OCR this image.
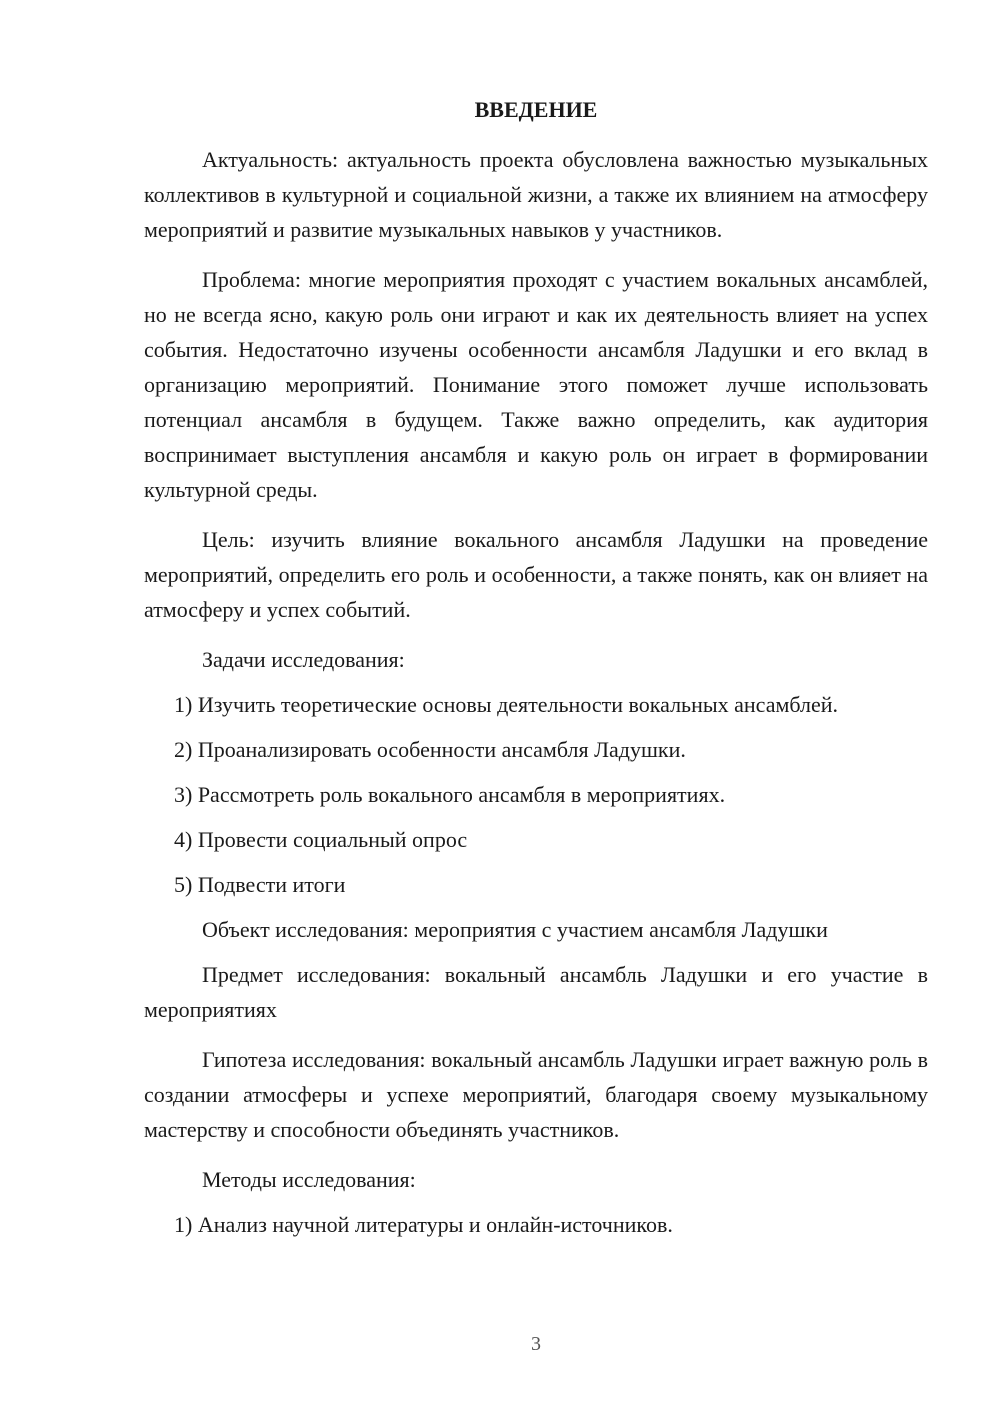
ВВЕДЕНИЕ

Актуальность: актуальность проекта обусловлена важностью музыкальных коллективов в культурной и социальной жизни, а также их влиянием на атмосферу мероприятий и развитие музыкальных навыков у участников.

Проблема: многие мероприятия проходят с участием вокальных ансамблей, но не всегда ясно, какую роль они играют и как их деятельность влияет на успех события. Недостаточно изучены особенности ансамбля Ладушки и его вклад в организацию мероприятий. Понимание этого поможет лучше использовать потенциал ансамбля в будущем. Также важно определить, как аудитория воспринимает выступления ансамбля и какую роль он играет в формировании культурной среды.

Цель: изучить влияние вокального ансамбля Ладушки на проведение мероприятий, определить его роль и особенности, а также понять, как он влияет на атмосферу и успех событий.

Задачи исследования:

1) Изучить теоретические основы деятельности вокальных ансамблей.
2) Проанализировать особенности ансамбля Ладушки.
3) Рассмотреть роль вокального ансамбля в мероприятиях.
4) Провести социальный опрос
5) Подвести итоги

Объект исследования: мероприятия с участием ансамбля Ладушки

Предмет исследования: вокальный ансамбль Ладушки и его участие в мероприятиях

Гипотеза исследования: вокальный ансамбль Ладушки играет важную роль в создании атмосферы и успехе мероприятий, благодаря своему музыкальному мастерству и способности объединять участников.

Методы исследования:

1) Анализ научной литературы и онлайн-источников.
3
